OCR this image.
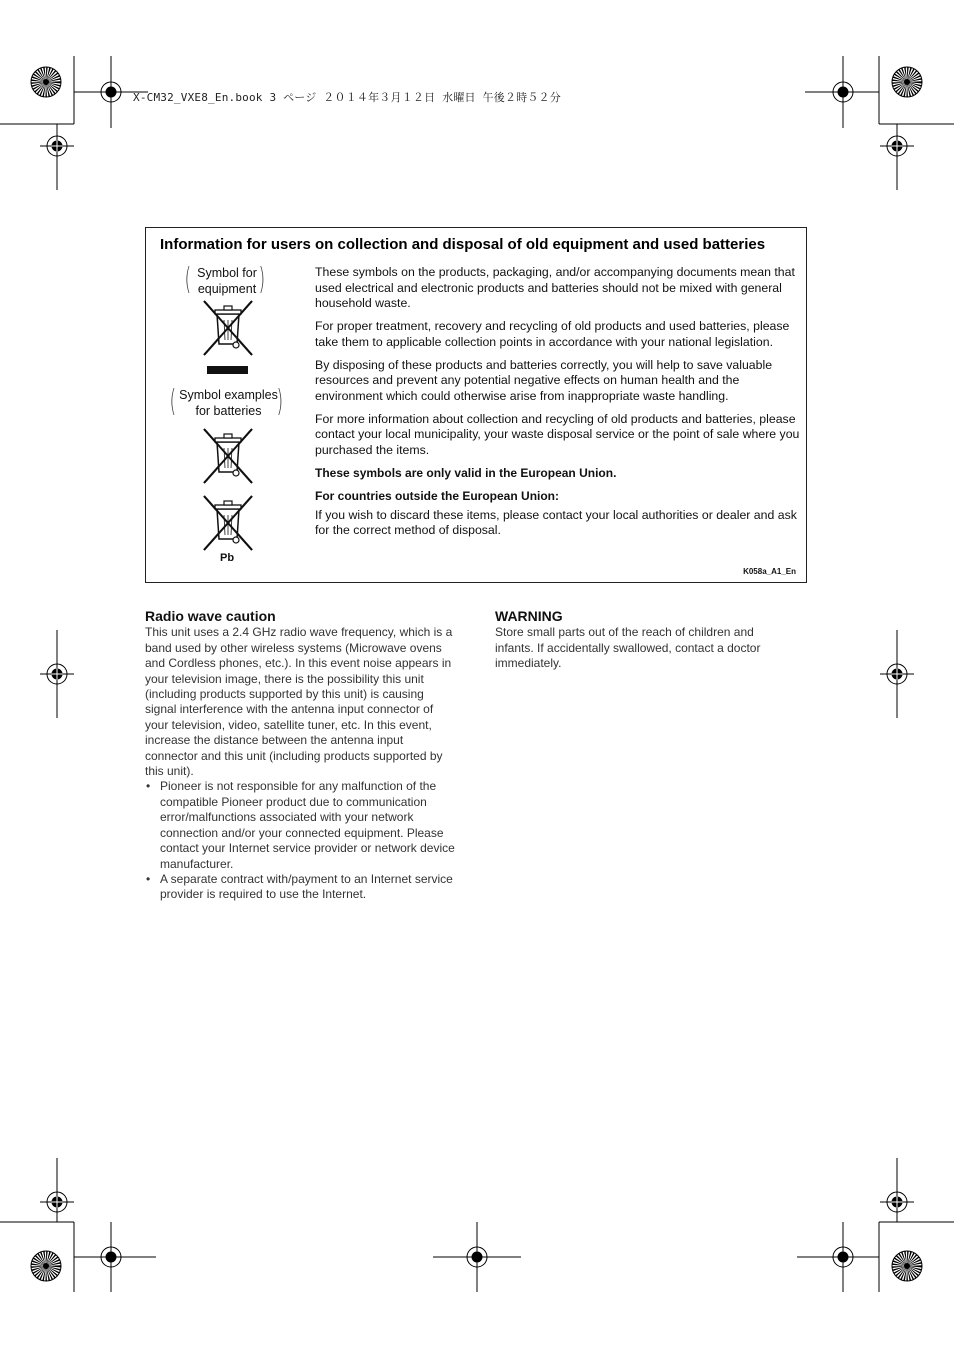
X-CM32_VXE8_En.book 3 ページ ２０１４年３月１２日 水曜日 午後２時５２分
Information for users on collection and disposal of old equipment and used batteries
( )
Symbol for equipment
(	)
Symbol examples for batteries
Pb

These symbols on the products, packaging, and/or accompanying documents mean that used electrical and electronic products and batteries should not be mixed with general household waste.

For proper treatment, recovery and recycling of old products and used batteries, please take them to applicable collection points in accordance with your national legislation.

By disposing of these products and batteries correctly, you will help to save valuable resources and prevent any potential negative effects on human health and the environment which could otherwise arise from inappropriate waste handling.

For more information about collection and recycling of old products and batteries, please contact your local municipality, your waste disposal service or the point of sale where you purchased the items.

These symbols are only valid in the European Union.

For countries outside the European Union:

If you wish to discard these items, please contact your local authorities or dealer and ask for the correct method of disposal.

K058a_A1_En
Radio wave caution

This unit uses a 2.4 GHz radio wave frequency, which is a band used by other wireless systems (Microwave ovens and Cordless phones, etc.). In this event noise appears in your television image, there is the possibility this unit (including products supported by this unit) is causing signal interference with the antenna input connector of your television, video, satellite tuner, etc. In this event, increase the distance between the antenna input connector and this unit (including products supported by this unit).

• Pioneer is not responsible for any malfunction of the compatible Pioneer product due to communication error/malfunctions associated with your network connection and/or your connected equipment. Please contact your Internet service provider or network device manufacturer.
• A separate contract with/payment to an Internet service provider is required to use the Internet.
WARNING

Store small parts out of the reach of children and infants. If accidentally swallowed, contact a doctor immediately.
